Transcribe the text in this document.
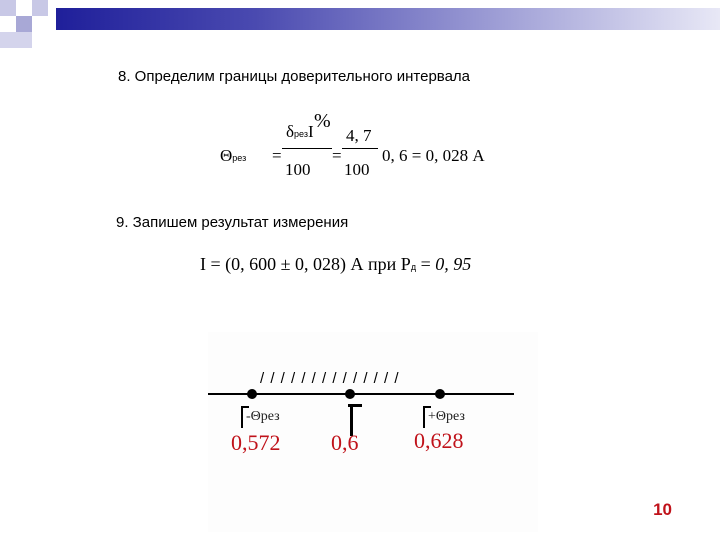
8. Определим границы доверительного интервала
Θрез =
δрезI %
100
=
4, 7
100
0, 6 = 0, 028 А
9. Запишем результат измерения
I = (0, 600 ± 0, 028) А при Pд = 0, 95
/ / / / / / / / / / / / / /
-Θрез	+Θрез
0,572 0,6	0,628
10
